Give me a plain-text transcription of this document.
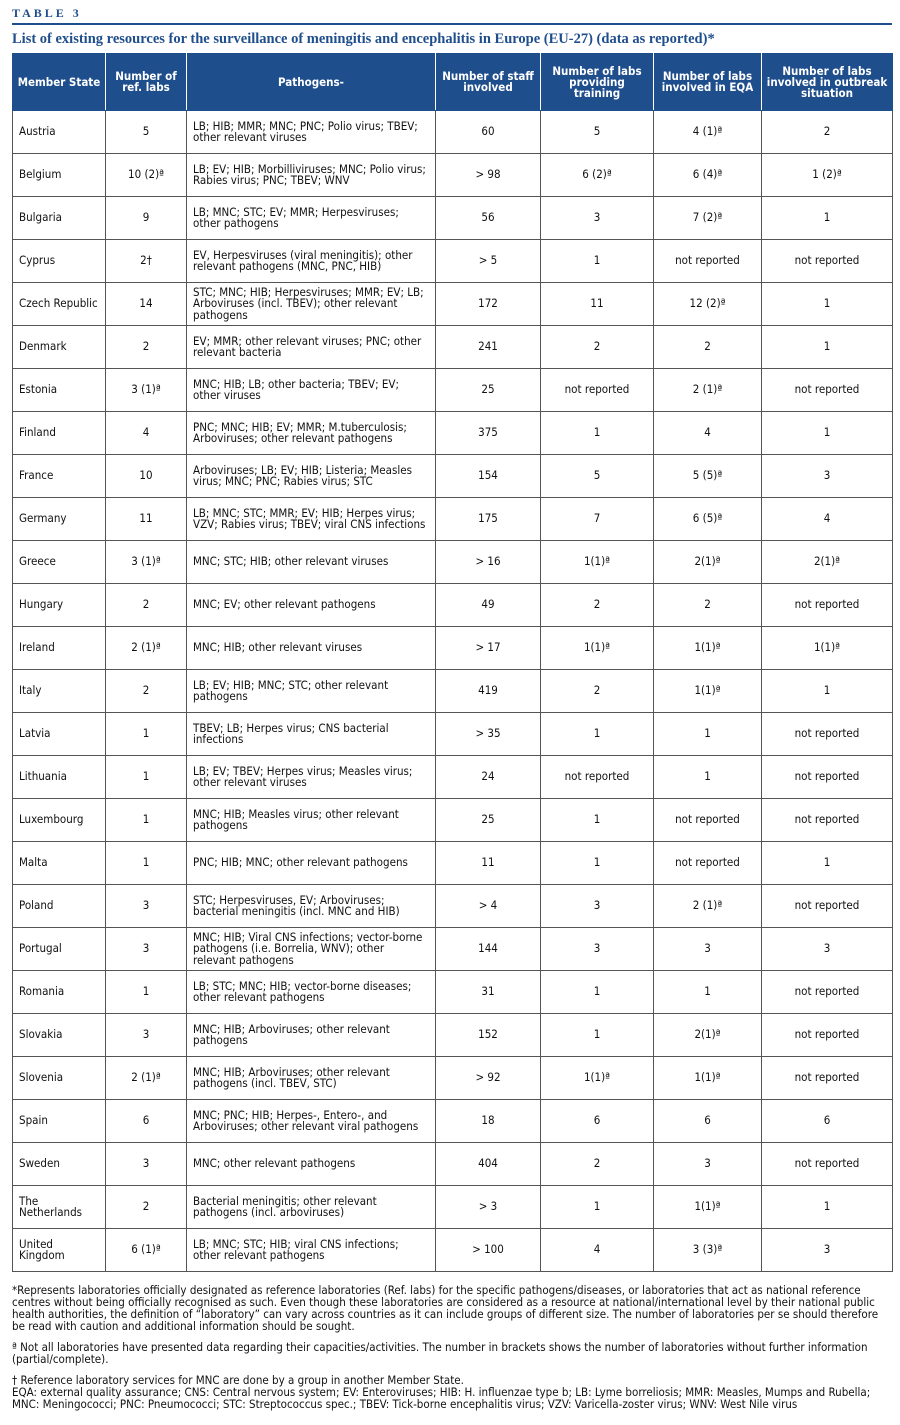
TABLE 3
List of existing resources for the surveillance of meningitis and encephalitis in Europe (EU-27) (data as reported)*
Member State	Number of ref. labs	Pathogens-	Number of staff involved	Number of labs providing training	Number of labs involved in EQA	Number of labs involved in outbreak situation
Austria	5	LB; HIB; MMR; MNC; PNC; Polio virus; TBEV; other relevant viruses	60	5	4 (1)ª	2
Belgium	10 (2)ª	LB; EV; HIB; Morbilliviruses; MNC; Polio virus; Rabies virus; PNC; TBEV; WNV	> 98	6 (2)ª	6 (4)ª	1 (2)ª
Bulgaria	9	LB; MNC; STC; EV; MMR; Herpesviruses; other pathogens	56	3	7 (2)ª	1
Cyprus	2†	EV, Herpesviruses (viral meningitis); other relevant pathogens (MNC, PNC, HIB)	> 5	1	not reported	not reported
Czech Republic	14	STC; MNC; HIB; Herpesviruses; MMR; EV; LB; Arboviruses (incl. TBEV); other relevant pathogens	172	11	12 (2)ª	1
Denmark	2	EV; MMR; other relevant viruses; PNC; other relevant bacteria	241	2	2	1
Estonia	3 (1)ª	MNC; HIB; LB; other bacteria; TBEV; EV; other viruses	25	not reported	2 (1)ª	not reported
Finland	4	PNC; MNC; HIB; EV; MMR; M.tuberculosis; Arboviruses; other relevant pathogens	375	1	4	1
France	10	Arboviruses; LB; EV; HIB; Listeria; Measles virus; MNC; PNC; Rabies virus; STC	154	5	5 (5)ª	3
Germany	11	LB; MNC; STC; MMR; EV; HIB; Herpes virus; VZV; Rabies virus; TBEV; viral CNS infections	175	7	6 (5)ª	4
Greece	3 (1)ª	MNC; STC; HIB; other relevant viruses	> 16	1(1)ª	2(1)ª	2(1)ª
Hungary	2	MNC; EV; other relevant pathogens	49	2	2	not reported
Ireland	2 (1)ª	MNC; HIB; other relevant viruses	> 17	1(1)ª	1(1)ª	1(1)ª
Italy	2	LB; EV; HIB; MNC; STC; other relevant pathogens	419	2	1(1)ª	1
Latvia	1	TBEV; LB; Herpes virus; CNS bacterial infections	> 35	1	1	not reported
Lithuania	1	LB; EV; TBEV; Herpes virus; Measles virus; other relevant viruses	24	not reported	1	not reported
Luxembourg	1	MNC; HIB; Measles virus; other relevant pathogens	25	1	not reported	not reported
Malta	1	PNC; HIB; MNC; other relevant pathogens	11	1	not reported	1
Poland	3	STC; Herpesviruses, EV; Arboviruses; bacterial meningitis (incl. MNC and HIB)	> 4	3	2 (1)ª	not reported
Portugal	3	MNC; HIB; Viral CNS infections; vector-borne pathogens (i.e. Borrelia, WNV); other relevant pathogens	144	3	3	3
Romania	1	LB; STC; MNC; HIB; vector-borne diseases; other relevant pathogens	31	1	1	not reported
Slovakia	3	MNC; HIB; Arboviruses; other relevant pathogens	152	1	2(1)ª	not reported
Slovenia	2 (1)ª	MNC; HIB; Arboviruses; other relevant pathogens (incl. TBEV, STC)	> 92	1(1)ª	1(1)ª	not reported
Spain	6	MNC; PNC; HIB; Herpes-, Entero-, and Arboviruses; other relevant viral pathogens	18	6	6	6
Sweden	3	MNC; other relevant pathogens	404	2	3	not reported
The Netherlands	2	Bacterial meningitis; other relevant pathogens (incl. arboviruses)	> 3	1	1(1)ª	1
United Kingdom	6 (1)ª	LB; MNC; STC; HIB; viral CNS infections; other relevant pathogens	> 100	4	3 (3)ª	3

*Represents laboratories officially designated as reference laboratories (Ref. labs) for the specific pathogens/diseases, or laboratories that act as national reference centres without being officially recognised as such. Even though these laboratories are considered as a resource at national/international level by their national public health authorities, the definition of “laboratory” can vary across countries as it can include groups of different size. The number of laboratories per se should therefore be read with caution and additional information should be sought.

ª Not all laboratories have presented data regarding their capacities/activities. The number in brackets shows the number of laboratories without further information (partial/complete).

† Reference laboratory services for MNC are done by a group in another Member State.

EQA: external quality assurance; CNS: Central nervous system; EV: Enteroviruses; HIB: H. influenzae type b; LB: Lyme borreliosis; MMR: Measles, Mumps and Rubella; MNC: Meningococci; PNC: Pneumococci; STC: Streptococcus spec.; TBEV: Tick-borne encephalitis virus; VZV: Varicella-zoster virus; WNV: West Nile virus
